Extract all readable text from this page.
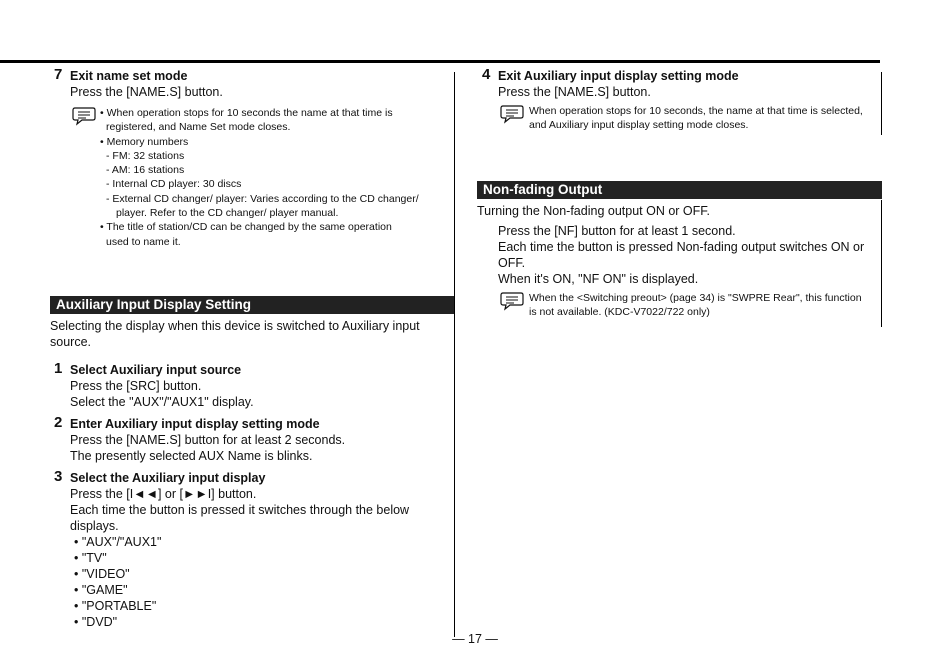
7 Exit name set mode
Press the [NAME.S] button.
• When operation stops for 10 seconds the name at that time is
registered, and Name Set mode closes.
• Memory numbers
- FM: 32 stations
- AM: 16 stations
- Internal CD player: 30 discs
- External CD changer/ player: Varies according to the CD changer/
player. Refer to the CD changer/ player manual.
• The title of station/CD can be changed by the same operation
used to name it.
Auxiliary Input Display Setting
Selecting the display when this device is switched to Auxiliary input source.
1 Select Auxiliary input source
Press the [SRC] button.
Select the "AUX"/"AUX1" display.
2 Enter Auxiliary input display setting mode
Press the [NAME.S] button for at least 2 seconds.
The presently selected AUX Name is blinks.
3 Select the Auxiliary input display
Press the [I◄◄] or [►►I] button.
Each time the button is pressed it switches through the below displays.
• "AUX"/"AUX1"
• "TV"
• "VIDEO"
• "GAME"
• "PORTABLE"
• "DVD"
4 Exit Auxiliary input display setting mode
Press the [NAME.S] button.
When operation stops for 10 seconds, the name at that time is selected, and Auxiliary input display setting mode closes.
Non-fading Output
Turning the Non-fading output ON or OFF.
Press the [NF] button for at least 1 second.
Each time the button is pressed Non-fading output switches ON or OFF.
When it's ON, "NF ON" is displayed.
When the <Switching preout> (page 34) is "SWPRE Rear", this function is not available. (KDC-V7022/722 only)
— 17 —
